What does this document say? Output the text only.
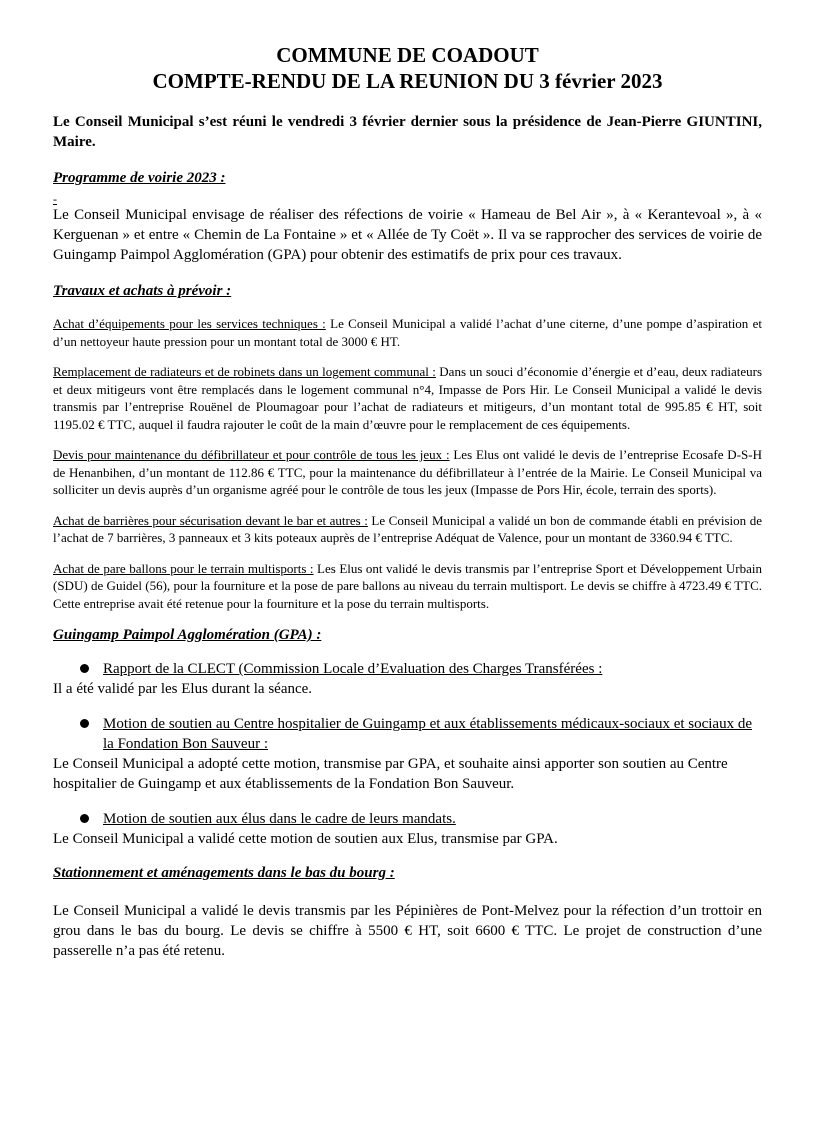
COMMUNE DE COADOUT

COMPTE-RENDU DE LA REUNION DU 3 février 2023

Le Conseil Municipal s’est réuni le vendredi 3 février dernier sous la présidence de Jean-Pierre GIUNTINI, Maire.

Programme de voirie 2023 :
-

Le Conseil Municipal envisage de réaliser des réfections de voirie « Hameau de Bel Air », à « Kerantevoal », à « Kerguenan » et entre « Chemin de La Fontaine » et « Allée de Ty Coët ». Il va se rapprocher des services de voirie de Guingamp Paimpol Agglomération (GPA) pour obtenir des estimatifs de prix pour ces travaux.

Travaux et achats à prévoir :

Achat d’équipements pour les services techniques : Le Conseil Municipal a validé l’achat d’une citerne, d’une pompe d’aspiration et d’un nettoyeur haute pression pour un montant total de 3000 € HT.

Remplacement de radiateurs et de robinets dans un logement communal : Dans un souci d’économie d’énergie et d’eau, deux radiateurs et deux mitigeurs vont être remplacés dans le logement communal n°4, Impasse de Pors Hir. Le Conseil Municipal a validé le devis transmis par l’entreprise Rouënel de Ploumagoar pour l’achat de radiateurs et mitigeurs, d’un montant total de 995.85 € HT, soit 1195.02 € TTC, auquel il faudra rajouter le coût de la main d’œuvre pour le remplacement de ces équipements.

Devis pour maintenance du défibrillateur et pour contrôle de tous les jeux : Les Elus ont validé le devis de l’entreprise Ecosafe D-S-H de Henanbihen, d’un montant de 112.86 € TTC, pour la maintenance du défibrillateur à l’entrée de la Mairie. Le Conseil Municipal va solliciter un devis auprès d’un organisme agréé pour le contrôle de tous les jeux (Impasse de Pors Hir, école, terrain des sports).

Achat de barrières pour sécurisation devant le bar et autres : Le Conseil Municipal a validé un bon de commande établi en prévision de l’achat de 7 barrières, 3 panneaux et 3 kits poteaux auprès de l’entreprise Adéquat de Valence, pour un montant de 3360.94 € TTC.

Achat de pare ballons pour le terrain multisports : Les Elus ont validé le devis transmis par l’entreprise Sport et Développement Urbain (SDU) de Guidel (56), pour la fourniture et la pose de pare ballons au niveau du terrain multisport. Le devis se chiffre à 4723.49 € TTC. Cette entreprise avait été retenue pour la fourniture et la pose du terrain multisports.

Guingamp Paimpol Agglomération (GPA) :
Rapport de la CLECT (Commission Locale d’Evaluation des Charges Transférées :
Il a été validé par les Elus durant la séance.
Motion de soutien au Centre hospitalier de Guingamp et aux établissements médicaux-sociaux et sociaux de la Fondation Bon Sauveur :
Le Conseil Municipal a adopté cette motion, transmise par GPA, et souhaite ainsi apporter son soutien au Centre hospitalier de Guingamp et aux établissements de la Fondation Bon Sauveur.
Motion de soutien aux élus dans le cadre de leurs mandats.
Le Conseil Municipal a validé cette motion de soutien aux Elus, transmise par GPA.
Stationnement et aménagements dans le bas du bourg :

Le Conseil Municipal a validé le devis transmis par les Pépinières de Pont-Melvez pour la réfection d’un trottoir en grou dans le bas du bourg. Le devis se chiffre à 5500 € HT, soit 6600 € TTC. Le projet de construction d’une passerelle n’a pas été retenu.
